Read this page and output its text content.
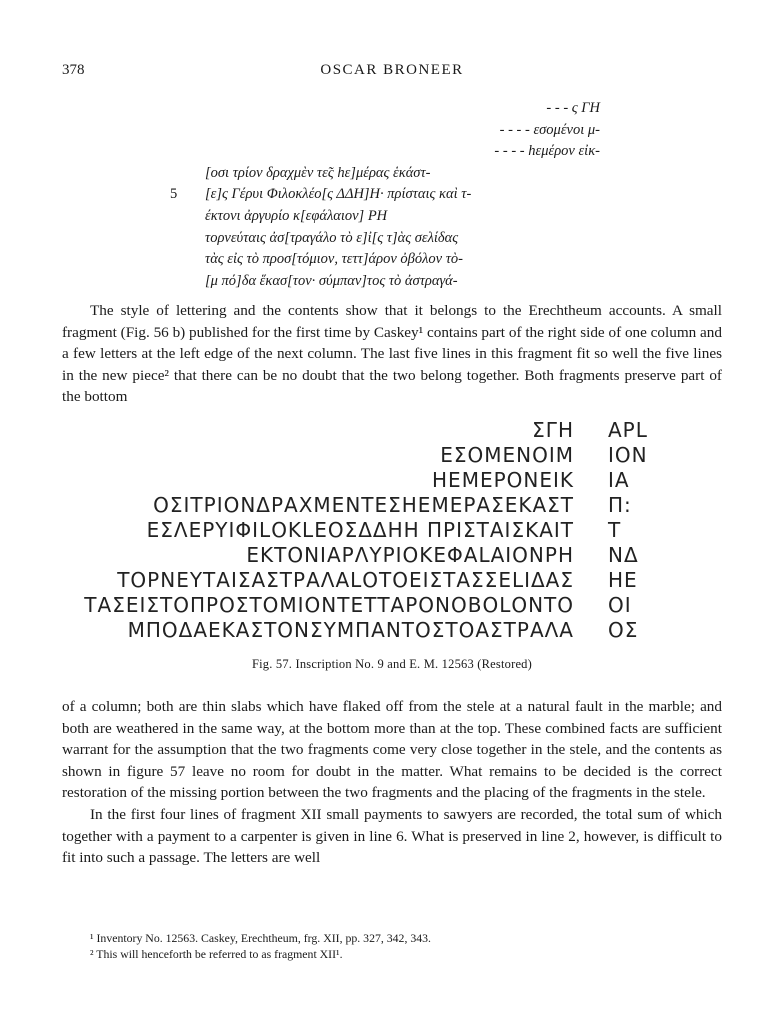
378	OSCAR BRONEER
- - - ς ΓΗ
- - - - εσομένοι μ-
- - - - hεμέρον εἰκ-
[οσι τρίον δραχμὲν τε̃ς hε]μέρας ἑκάστ-
5 [ε]ς Γέρυι Φιλοκλέο[ς ΔΔΗ]Η· πρίσταις καὶ τ-
έκτονι ἀργυρίο κ[εφάλαιον] ΡΗ
τορνεύταις ἀσ[τραγάλο τὸ ε]ἰ[ς τ]ὰς σελίδας
τὰς εἰς τὸ προσ[τόμιον, τεττ]άρον ὀβόλον τὸ-
[μ πό]δα ἕκασ[τον· σύμπαν]τος τὸ ἀστραγά-

The style of lettering and the contents show that it belongs to the Erechtheum accounts. A small fragment (Fig. 56 b) published for the first time by Caskey¹ contains part of the right side of one column and a few letters at the left edge of the next column. The last five lines in this fragment fit so well the five lines in the new piece² that there can be no doubt that the two belong together. Both fragments preserve part of the bottom

ΣΓΗ ΑΡL
ΕΣΟΜΕΝΟΙΜ ΙΟΝ
ΗΕΜΕΡΟΝΕΙΚ ΙΑ
ΟΣΙΤΡΙΟΝΔΡΑΧΜΕΝΤΕΣΗΕΜΕΡΑΣΕΚΑΣΤ Π:
ΕΣΛΕΡΥΙΦΙLΟΚLΕΟΣΔΔΗΗ ΠΡΙΣΤΑΙΣΚΑΙΤ Τ
ΕΚΤΟΝΙΑΡΛΥΡΙΟΚΕΦΑLΑΙΟΝΡΗ ΝΔ
ΤΟΡΝΕΥΤΑΙΣΑΣΤΡΑΛΑLΟΤΟΕΙΣΤΑΣΣΕLΙΔΑΣ ΗΕ
ΤΑΣΕΙΣΤΟΠΡΟΣΤΟΜΙΟΝΤΕΤΤΑΡΟΝΟΒΟLΟΝΤΟ ΟΙ
ΜΠΟΔΑΕΚΑΣΤΟΝΣΥΜΠΑΝΤΟΣΤΟΑΣΤΡΑΛΑ ΟΣ
Fig. 57. Inscription No. 9 and E. M. 12563 (Restored)

of a column; both are thin slabs which have flaked off from the stele at a natural fault in the marble; and both are weathered in the same way, at the bottom more than at the top. These combined facts are sufficient warrant for the assumption that the two fragments come very close together in the stele, and the contents as shown in figure 57 leave no room for doubt in the matter. What remains to be decided is the correct restoration of the missing portion between the two fragments and the placing of the fragments in the stele.

In the first four lines of fragment XII small payments to sawyers are recorded, the total sum of which together with a payment to a carpenter is given in line 6. What is preserved in line 2, however, is difficult to fit into such a passage. The letters are well

¹ Inventory No. 12563. Caskey, Erechtheum, frg. XII, pp. 327, 342, 343.
² This will henceforth be referred to as fragment XII¹.
